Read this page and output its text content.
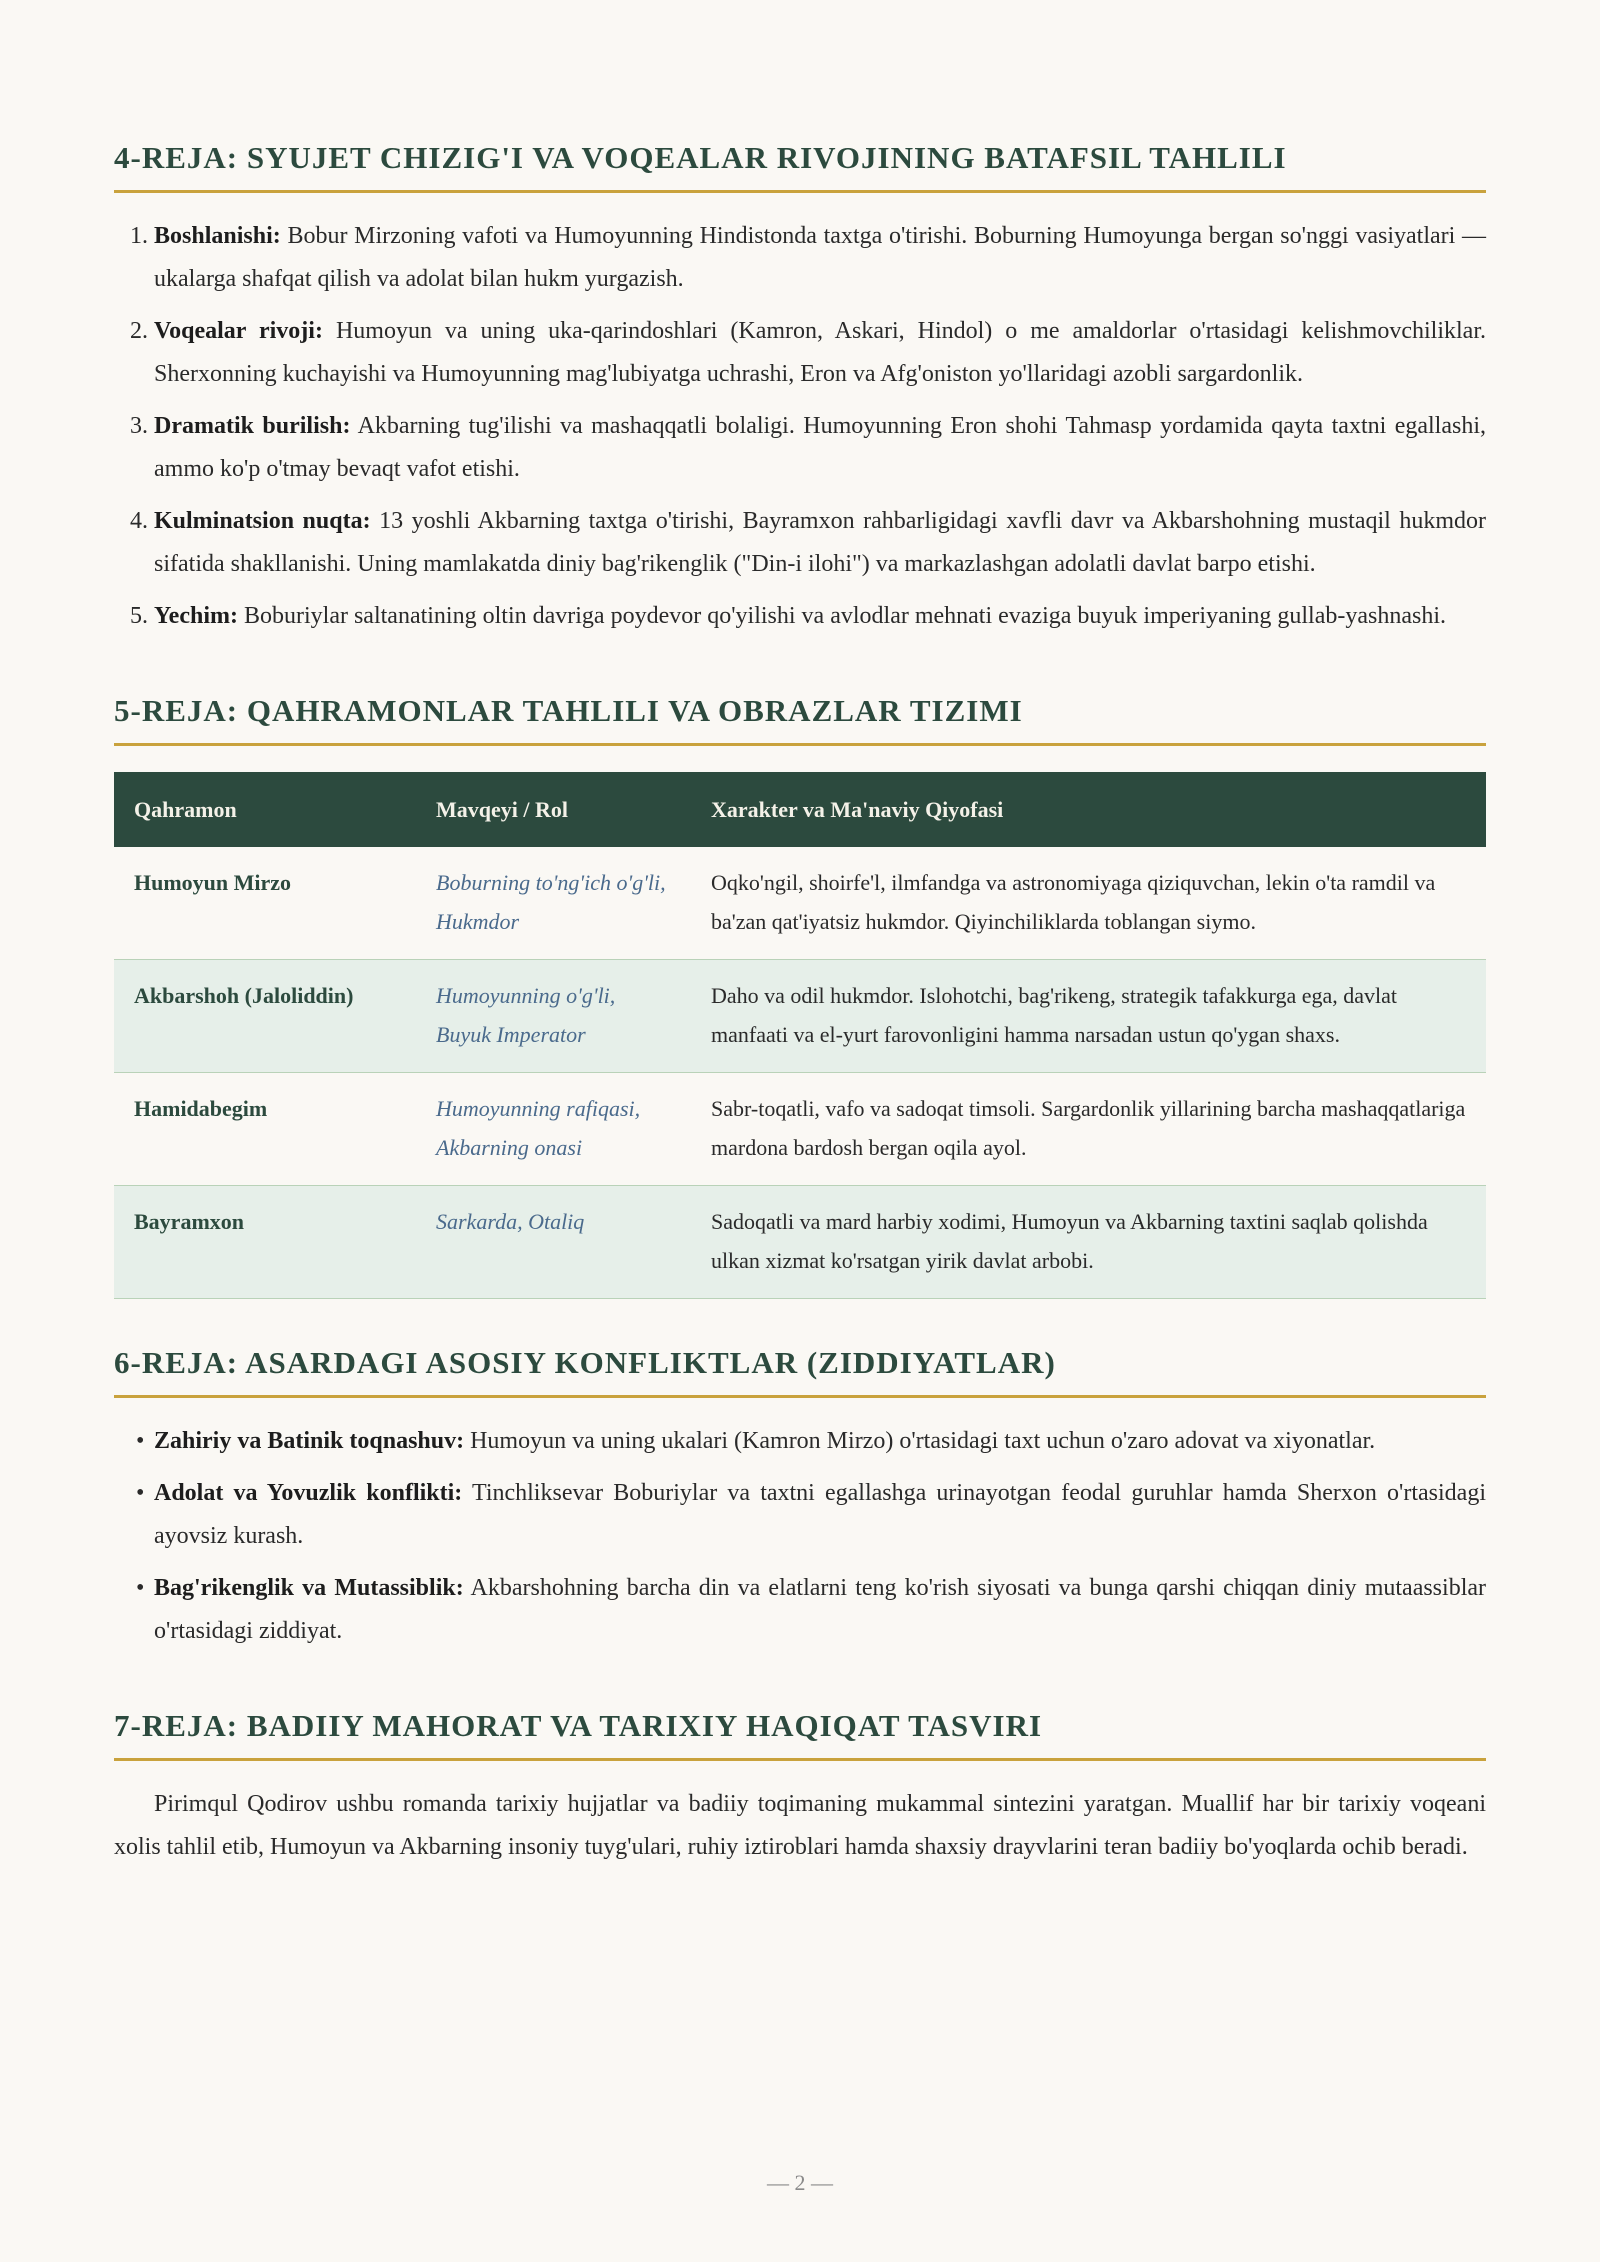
4-REJA: SYUJET CHIZIG'I VA VOQEALAR RIVOJINING BATAFSIL TAHLILI
1. Boshlanishi: Bobur Mirzoning vafoti va Humoyunning Hindistonda taxtga o'tirishi. Boburning Humoyunga bergan so'nggi vasiyatlari — ukalarga shafqat qilish va adolat bilan hukm yurgazish.
2. Voqealar rivoji: Humoyun va uning uka-qarindoshlari (Kamron, Askari, Hindol) o me amaldorlar o'rtasidagi kelishmovchiliklar. Sherxonning kuchayishi va Humoyunning mag'lubiyatga uchrashi, Eron va Afg'oniston yo'llaridagi azobli sargardonlik.
3. Dramatik burilish: Akbarning tug'ilishi va mashaqqatli bolaligi. Humoyunning Eron shohi Tahmasp yordamida qayta taxtni egallashi, ammo ko'p o'tmay bevaqt vafot etishi.
4. Kulminatsion nuqta: 13 yoshli Akbarning taxtga o'tirishi, Bayramxon rahbarligidagi xavfli davr va Akbarshohning mustaqil hukmdor sifatida shakllanishi. Uning mamlakatda diniy bag'rikenglik ("Din-i ilohi") va markazlashgan adolatli davlat barpo etishi.
5. Yechim: Boburiylar saltanatining oltin davriga poydevor qo'yilishi va avlodlar mehnati evaziga buyuk imperiyaning gullab-yashnashi.
5-REJA: QAHRAMONLAR TAHLILI VA OBRAZLAR TIZIMI
Qahramon	Mavqeyi / Rol	Xarakter va Ma'naviy Qiyofasi
Humoyun Mirzo	Boburning to'ng'ich o'g'li, Hukmdor	Oqko'ngil, shoirfe'l, ilmfandga va astronomiyaga qiziquvchan, lekin o'ta ramdil va ba'zan qat'iyatsiz hukmdor. Qiyinchiliklarda toblangan siymo.
Akbarshoh (Jaloliddin)	Humoyunning o'g'li, Buyuk Imperator	Daho va odil hukmdor. Islohotchi, bag'rikeng, strategik tafakkurga ega, davlat manfaati va el-yurt farovonligini hamma narsadan ustun qo'ygan shaxs.
Hamidabegim	Humoyunning rafiqasi, Akbarning onasi	Sabr-toqatli, vafo va sadoqat timsoli. Sargardonlik yillarining barcha mashaqqatlariga mardona bardosh bergan oqila ayol.
Bayramxon	Sarkarda, Otaliq	Sadoqatli va mard harbiy xodimi, Humoyun va Akbarning taxtini saqlab qolishda ulkan xizmat ko'rsatgan yirik davlat arbobi.
6-REJA: ASARDAGI ASOSIY KONFLIKTLAR (ZIDDIYATLAR)
• Zahiriy va Batinik toqnashuv: Humoyun va uning ukalari (Kamron Mirzo) o'rtasidagi taxt uchun o'zaro adovat va xiyonatlar.
• Adolat va Yovuzlik konflikti: Tinchliksevar Boburiylar va taxtni egallashga urinayotgan feodal guruhlar hamda Sherxon o'rtasidagi ayovsiz kurash.
• Bag'rikenglik va Mutassiblik: Akbarshohning barcha din va elatlarni teng ko'rish siyosati va bunga qarshi chiqqan diniy mutaassiblar o'rtasidagi ziddiyat.
7-REJA: BADIIY MAHORAT VA TARIXIY HAQIQAT TASVIRI

Pirimqul Qodirov ushbu romanda tarixiy hujjatlar va badiiy toqimaning mukammal sintezini yaratgan. Muallif har bir tarixiy voqeani xolis tahlil etib, Humoyun va Akbarning insoniy tuyg'ulari, ruhiy iztiroblari hamda shaxsiy drayvlarini teran badiiy bo'yoqlarda ochib beradi.

— 2 —
